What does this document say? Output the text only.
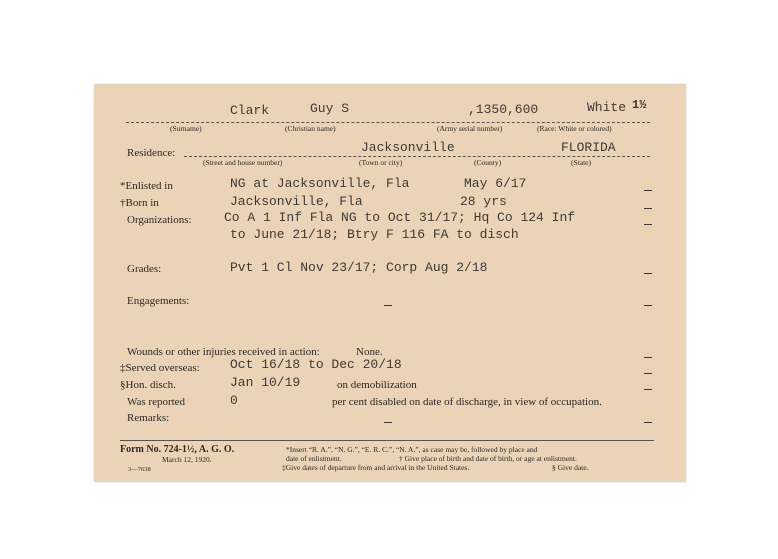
Clark	Guy S	,1350,600	White 1½
(Surname)	(Christian name)	(Army serial number)	(Race: White or colored)
Residence:	Jacksonville	FLORIDA
(Street and house number)	(Town or city)	(County)	(State)
*Enlisted in	NG at Jacksonville, Fla	May 6/17
†Born in	Jacksonville, Fla	28 yrs
Organizations: Co A 1 Inf Fla NG to Oct 31/17; Hq Co 124 Inf
to June 21/18; Btry F 116 FA to disch
Grades:	Pvt 1 Cl Nov 23/17; Corp Aug 2/18
Engagements:
Wounds or other injuries received in action:	None.
‡Served overseas: Oct 16/18 to Dec 20/18
§Hon. disch.	Jan 10/19	on demobilization
Was reported	0	per cent disabled on date of discharge, in view of occupation.
Remarks:
Form No. 724-1½, A. G. O.
March 12, 1920.
3—7638
*Insert “R. A.”, “N. G.”, “E. R. C.”, “N. A.”, as case may be, followed by place and
date of enlistment.	† Give place of birth and date of birth, or age at enlistment.
‡Give dates of departure from and arrival in the United States.	§ Give date.
